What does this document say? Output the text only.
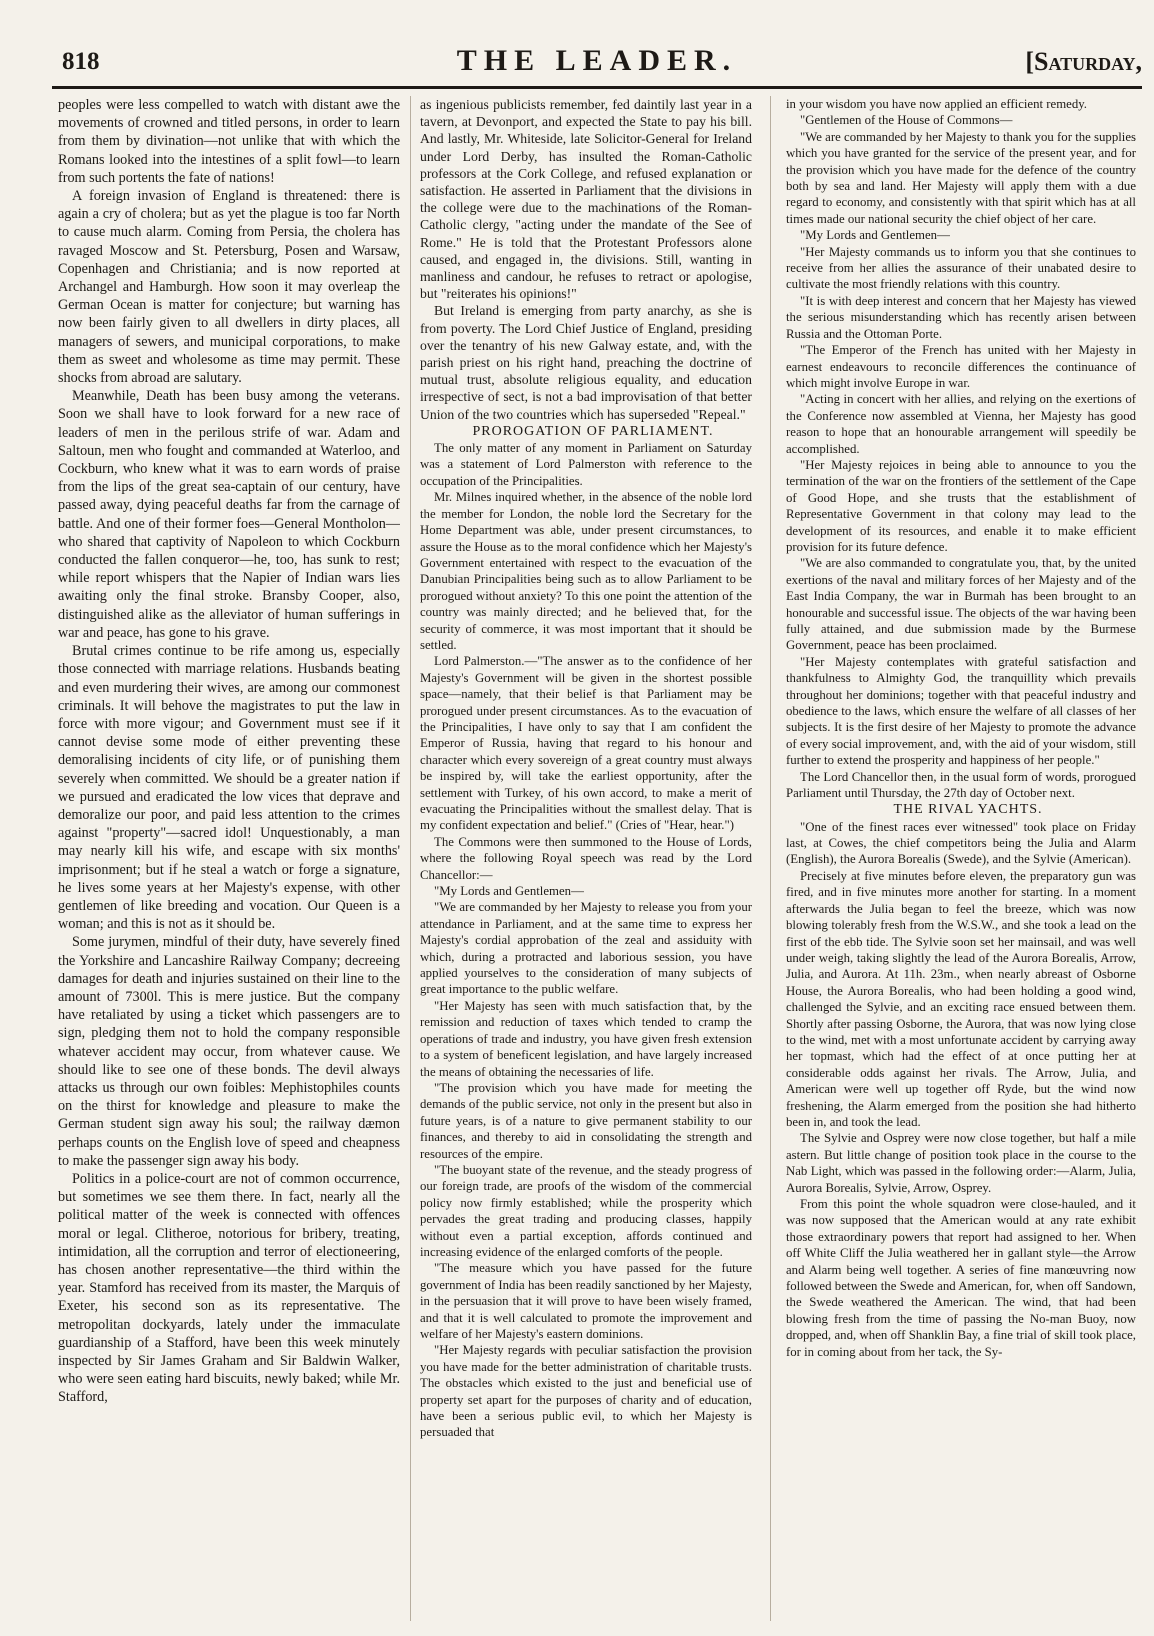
818	THE LEADER.	[Saturday,

peoples were less compelled to watch with distant awe the movements of crowned and titled persons, in order to learn from them by divination—not unlike that with which the Romans looked into the intestines of a split fowl—to learn from such portents the fate of nations!

A foreign invasion of England is threatened: there is again a cry of cholera; but as yet the plague is too far North to cause much alarm. Coming from Persia, the cholera has ravaged Moscow and St. Petersburg, Posen and Warsaw, Copenhagen and Christiania; and is now reported at Archangel and Hamburgh. How soon it may overleap the German Ocean is matter for conjecture; but warning has now been fairly given to all dwellers in dirty places, all managers of sewers, and municipal corporations, to make them as sweet and wholesome as time may permit. These shocks from abroad are salutary.

Meanwhile, Death has been busy among the veterans. Soon we shall have to look forward for a new race of leaders of men in the perilous strife of war. Adam and Saltoun, men who fought and commanded at Waterloo, and Cockburn, who knew what it was to earn words of praise from the lips of the great sea-captain of our century, have passed away, dying peaceful deaths far from the carnage of battle. And one of their former foes—General Montholon—who shared that captivity of Napoleon to which Cockburn conducted the fallen conqueror—he, too, has sunk to rest; while report whispers that the Napier of Indian wars lies awaiting only the final stroke. Bransby Cooper, also, distinguished alike as the alleviator of human sufferings in war and peace, has gone to his grave.

Brutal crimes continue to be rife among us, especially those connected with marriage relations. Husbands beating and even murdering their wives, are among our commonest criminals. It will behove the magistrates to put the law in force with more vigour; and Government must see if it cannot devise some mode of either preventing these demoralising incidents of city life, or of punishing them severely when committed. We should be a greater nation if we pursued and eradicated the low vices that deprave and demoralize our poor, and paid less attention to the crimes against "property"—sacred idol! Unquestionably, a man may nearly kill his wife, and escape with six months' imprisonment; but if he steal a watch or forge a signature, he lives some years at her Majesty's expense, with other gentlemen of like breeding and vocation. Our Queen is a woman; and this is not as it should be.

Some jurymen, mindful of their duty, have severely fined the Yorkshire and Lancashire Railway Company; decreeing damages for death and injuries sustained on their line to the amount of 7300l. This is mere justice. But the company have retaliated by using a ticket which passengers are to sign, pledging them not to hold the company responsible whatever accident may occur, from whatever cause. We should like to see one of these bonds. The devil always attacks us through our own foibles: Mephistophiles counts on the thirst for knowledge and pleasure to make the German student sign away his soul; the railway dæmon perhaps counts on the English love of speed and cheapness to make the passenger sign away his body.

Politics in a police-court are not of common occurrence, but sometimes we see them there. In fact, nearly all the political matter of the week is connected with offences moral or legal. Clitheroe, notorious for bribery, treating, intimidation, all the corruption and terror of electioneering, has chosen another representative—the third within the year. Stamford has received from its master, the Marquis of Exeter, his second son as its representative. The metropolitan dockyards, lately under the immaculate guardianship of a Stafford, have been this week minutely inspected by Sir James Graham and Sir Baldwin Walker, who were seen eating hard biscuits, newly baked; while Mr. Stafford,

as ingenious publicists remember, fed daintily last year in a tavern, at Devonport, and expected the State to pay his bill. And lastly, Mr. Whiteside, late Solicitor-General for Ireland under Lord Derby, has insulted the Roman-Catholic professors at the Cork College, and refused explanation or satisfaction. He asserted in Parliament that the divisions in the college were due to the machinations of the Roman-Catholic clergy, "acting under the mandate of the See of Rome." He is told that the Protestant Professors alone caused, and engaged in, the divisions. Still, wanting in manliness and candour, he refuses to retract or apologise, but "reiterates his opinions!"

But Ireland is emerging from party anarchy, as she is from poverty. The Lord Chief Justice of England, presiding over the tenantry of his new Galway estate, and, with the parish priest on his right hand, preaching the doctrine of mutual trust, absolute religious equality, and education irrespective of sect, is not a bad improvisation of that better Union of the two countries which has superseded "Repeal."

PROROGATION OF PARLIAMENT.

The only matter of any moment in Parliament on Saturday was a statement of Lord Palmerston with reference to the occupation of the Principalities.

Mr. Milnes inquired whether, in the absence of the noble lord the member for London, the noble lord the Secretary for the Home Department was able, under present circumstances, to assure the House as to the moral confidence which her Majesty's Government entertained with respect to the evacuation of the Danubian Principalities being such as to allow Parliament to be prorogued without anxiety? To this one point the attention of the country was mainly directed; and he believed that, for the security of commerce, it was most important that it should be settled.

Lord Palmerston.—"The answer as to the confidence of her Majesty's Government will be given in the shortest possible space—namely, that their belief is that Parliament may be prorogued under present circumstances. As to the evacuation of the Principalities, I have only to say that I am confident the Emperor of Russia, having that regard to his honour and character which every sovereign of a great country must always be inspired by, will take the earliest opportunity, after the settlement with Turkey, of his own accord, to make a merit of evacuating the Principalities without the smallest delay. That is my confident expectation and belief." (Cries of "Hear, hear.")

The Commons were then summoned to the House of Lords, where the following Royal speech was read by the Lord Chancellor:—

"My Lords and Gentlemen—

"We are commanded by her Majesty to release you from your attendance in Parliament, and at the same time to express her Majesty's cordial approbation of the zeal and assiduity with which, during a protracted and laborious session, you have applied yourselves to the consideration of many subjects of great importance to the public welfare.

"Her Majesty has seen with much satisfaction that, by the remission and reduction of taxes which tended to cramp the operations of trade and industry, you have given fresh extension to a system of beneficent legislation, and have largely increased the means of obtaining the necessaries of life.

"The provision which you have made for meeting the demands of the public service, not only in the present but also in future years, is of a nature to give permanent stability to our finances, and thereby to aid in consolidating the strength and resources of the empire.

"The buoyant state of the revenue, and the steady progress of our foreign trade, are proofs of the wisdom of the commercial policy now firmly established; while the prosperity which pervades the great trading and producing classes, happily without even a partial exception, affords continued and increasing evidence of the enlarged comforts of the people.

"The measure which you have passed for the future government of India has been readily sanctioned by her Majesty, in the persuasion that it will prove to have been wisely framed, and that it is well calculated to promote the improvement and welfare of her Majesty's eastern dominions.

"Her Majesty regards with peculiar satisfaction the provision you have made for the better administration of charitable trusts. The obstacles which existed to the just and beneficial use of property set apart for the purposes of charity and of education, have been a serious public evil, to which her Majesty is persuaded that

in your wisdom you have now applied an efficient remedy.

"Gentlemen of the House of Commons—

"We are commanded by her Majesty to thank you for the supplies which you have granted for the service of the present year, and for the provision which you have made for the defence of the country both by sea and land. Her Majesty will apply them with a due regard to economy, and consistently with that spirit which has at all times made our national security the chief object of her care.

"My Lords and Gentlemen—

"Her Majesty commands us to inform you that she continues to receive from her allies the assurance of their unabated desire to cultivate the most friendly relations with this country.

"It is with deep interest and concern that her Majesty has viewed the serious misunderstanding which has recently arisen between Russia and the Ottoman Porte.

"The Emperor of the French has united with her Majesty in earnest endeavours to reconcile differences the continuance of which might involve Europe in war.

"Acting in concert with her allies, and relying on the exertions of the Conference now assembled at Vienna, her Majesty has good reason to hope that an honourable arrangement will speedily be accomplished.

"Her Majesty rejoices in being able to announce to you the termination of the war on the frontiers of the settlement of the Cape of Good Hope, and she trusts that the establishment of Representative Government in that colony may lead to the development of its resources, and enable it to make efficient provision for its future defence.

"We are also commanded to congratulate you, that, by the united exertions of the naval and military forces of her Majesty and of the East India Company, the war in Burmah has been brought to an honourable and successful issue. The objects of the war having been fully attained, and due submission made by the Burmese Government, peace has been proclaimed.

"Her Majesty contemplates with grateful satisfaction and thankfulness to Almighty God, the tranquillity which prevails throughout her dominions; together with that peaceful industry and obedience to the laws, which ensure the welfare of all classes of her subjects. It is the first desire of her Majesty to promote the advance of every social improvement, and, with the aid of your wisdom, still further to extend the prosperity and happiness of her people."

The Lord Chancellor then, in the usual form of words, prorogued Parliament until Thursday, the 27th day of October next.

THE RIVAL YACHTS.

"One of the finest races ever witnessed" took place on Friday last, at Cowes, the chief competitors being the Julia and Alarm (English), the Aurora Borealis (Swede), and the Sylvie (American).

Precisely at five minutes before eleven, the preparatory gun was fired, and in five minutes more another for starting. In a moment afterwards the Julia began to feel the breeze, which was now blowing tolerably fresh from the W.S.W., and she took a lead on the first of the ebb tide. The Sylvie soon set her mainsail, and was well under weigh, taking slightly the lead of the Aurora Borealis, Arrow, Julia, and Aurora. At 11h. 23m., when nearly abreast of Osborne House, the Aurora Borealis, who had been holding a good wind, challenged the Sylvie, and an exciting race ensued between them. Shortly after passing Osborne, the Aurora, that was now lying close to the wind, met with a most unfortunate accident by carrying away her topmast, which had the effect of at once putting her at considerable odds against her rivals. The Arrow, Julia, and American were well up together off Ryde, but the wind now freshening, the Alarm emerged from the position she had hitherto been in, and took the lead.

The Sylvie and Osprey were now close together, but half a mile astern. But little change of position took place in the course to the Nab Light, which was passed in the following order:—Alarm, Julia, Aurora Borealis, Sylvie, Arrow, Osprey.

From this point the whole squadron were close-hauled, and it was now supposed that the American would at any rate exhibit those extraordinary powers that report had assigned to her. When off White Cliff the Julia weathered her in gallant style—the Arrow and Alarm being well together. A series of fine manœuvring now followed between the Swede and American, for, when off Sandown, the Swede weathered the American. The wind, that had been blowing fresh from the time of passing the No-man Buoy, now dropped, and, when off Shanklin Bay, a fine trial of skill took place, for in coming about from her tack, the Sy-
